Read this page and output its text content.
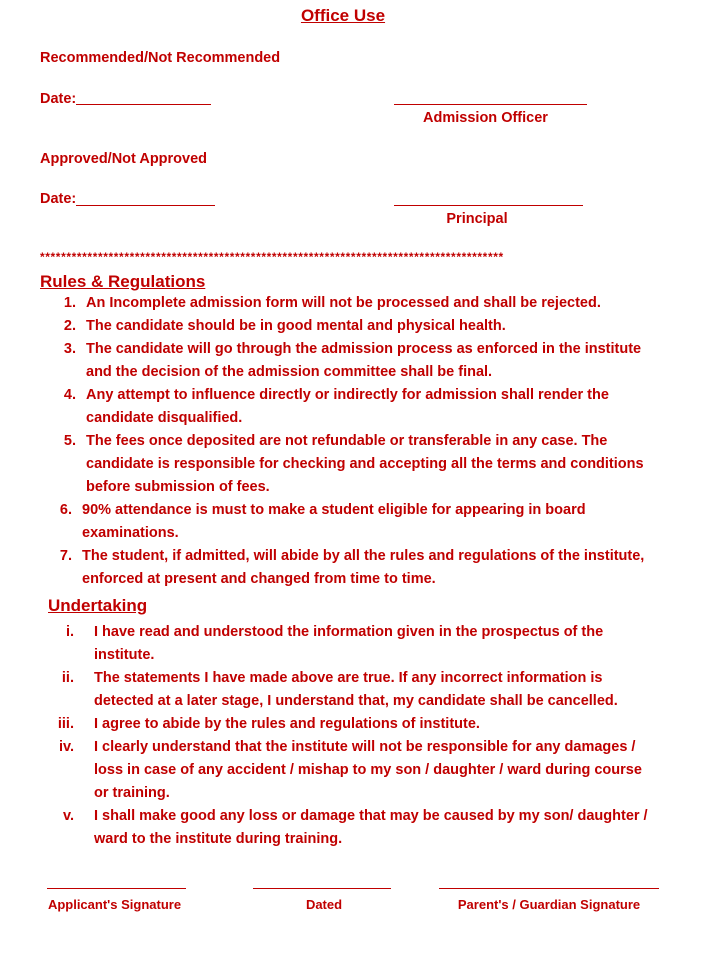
Office Use
Recommended/Not Recommended
Date:
Admission Officer
Approved/Not Approved
Date:
Principal
****************************************************************************************
Rules & Regulations
1. An Incomplete admission form will not be processed and shall be rejected.
2. The candidate should be in good mental and physical health.
3. The candidate will go through the admission process as enforced in the institute and the decision of the admission committee shall be final.
4. Any attempt to influence directly or indirectly for admission shall render the candidate disqualified.
5. The fees once deposited are not refundable or transferable in any case. The candidate is responsible for checking and accepting all the terms and conditions before submission of fees.
6. 90% attendance is must to make a student eligible for appearing in board examinations.
7. The student, if admitted, will abide by all the rules and regulations of the institute, enforced at present and changed from time to time.
Undertaking
i. I have read and understood the information given in the prospectus of the institute.
ii. The statements I have made above are true. If any incorrect information is detected at a later stage, I understand that, my candidate shall be cancelled.
iii. I agree to abide by the rules and regulations of institute.
iv. I clearly understand that the institute will not be responsible for any damages / loss in case of any accident / mishap to my son / daughter / ward during course or training.
v. I shall make good any loss or damage that may be caused by my son/ daughter / ward to the institute during training.
Applicant's Signature	Dated	Parent's / Guardian Signature
